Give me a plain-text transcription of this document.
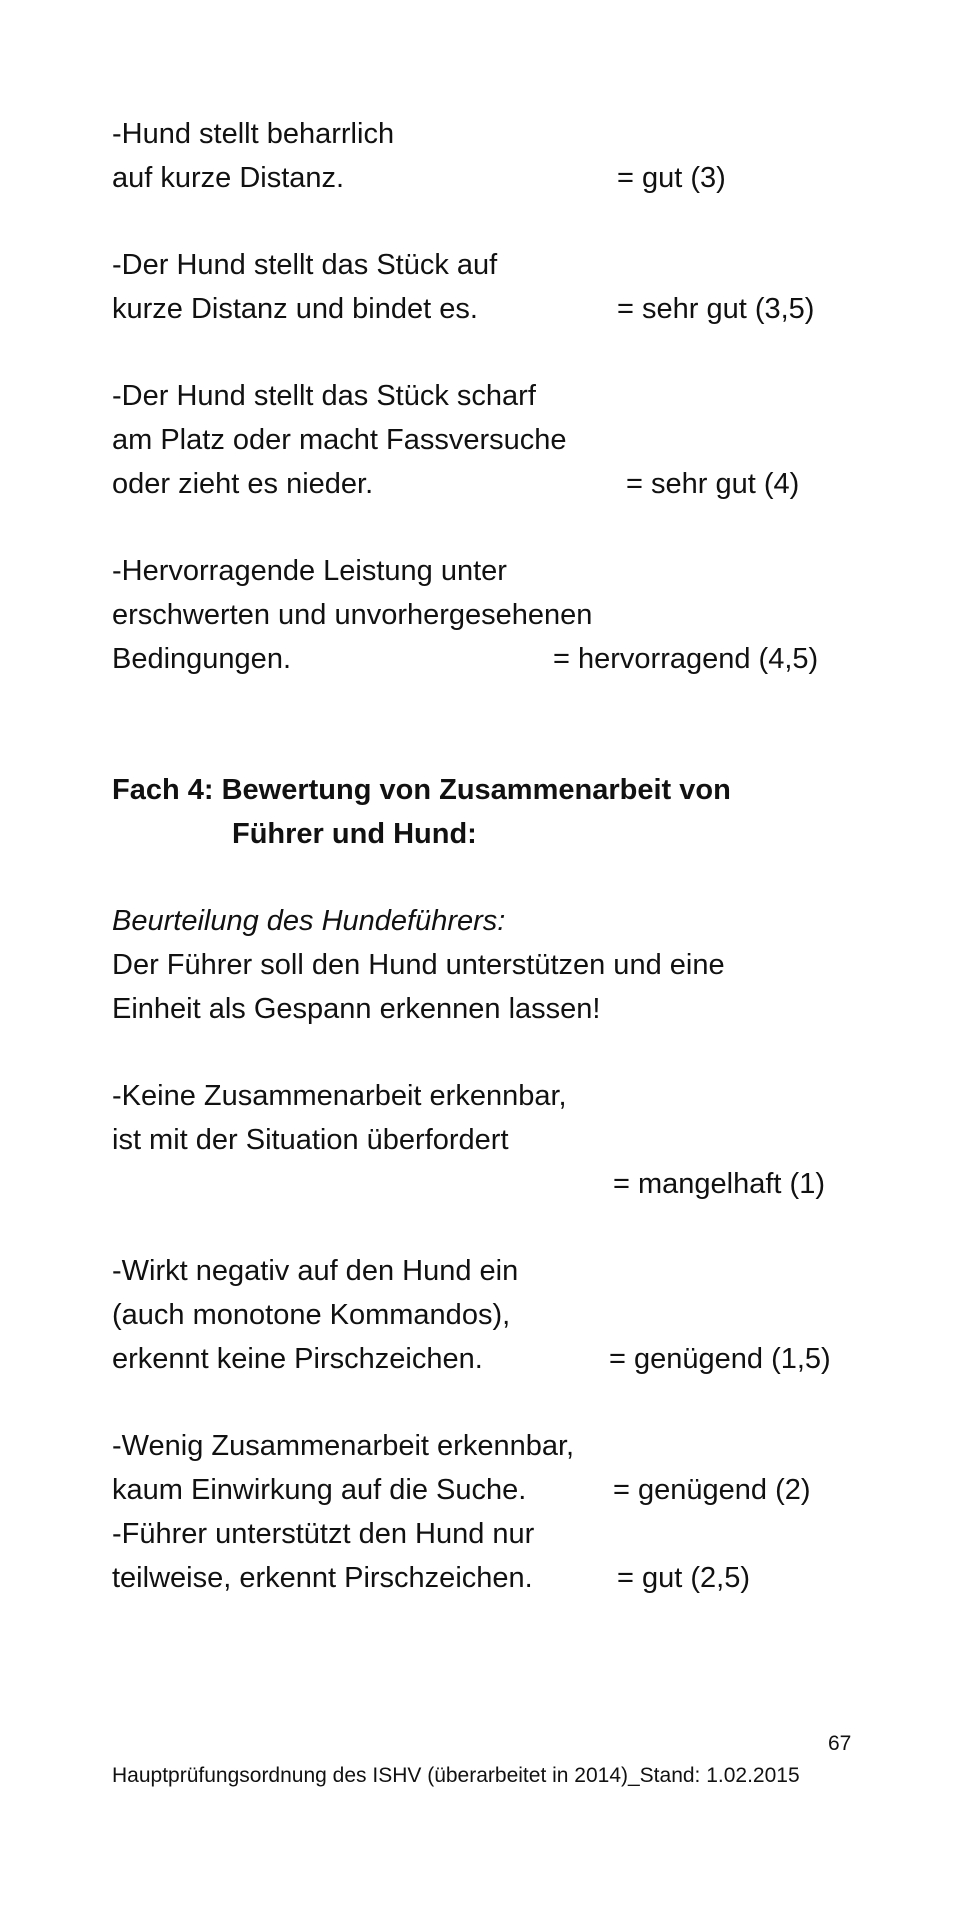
-Hund stellt beharrlich
auf kurze Distanz.	= gut (3)
-Der Hund stellt das Stück auf
kurze Distanz und bindet es.	= sehr gut (3,5)
-Der Hund stellt das Stück scharf
am Platz oder macht Fassversuche
oder zieht es nieder.	= sehr gut (4)
-Hervorragende Leistung unter
erschwerten und unvorhergesehenen
Bedingungen.	= hervorragend (4,5)
Fach 4: Bewertung von Zusammenarbeit von
Führer und Hund:
Beurteilung des Hundeführers:
Der Führer soll den Hund unterstützen und eine
Einheit als Gespann erkennen lassen!
-Keine Zusammenarbeit erkennbar,
ist mit der Situation überfordert
= mangelhaft (1)
-Wirkt negativ auf den Hund ein
(auch monotone Kommandos),
erkennt keine Pirschzeichen.	= genügend (1,5)
-Wenig Zusammenarbeit erkennbar,
kaum Einwirkung auf die Suche.	= genügend (2)
-Führer unterstützt den Hund nur
teilweise, erkennt Pirschzeichen.	= gut (2,5)
67
Hauptprüfungsordnung des ISHV (überarbeitet in 2014)_Stand: 1.02.2015
